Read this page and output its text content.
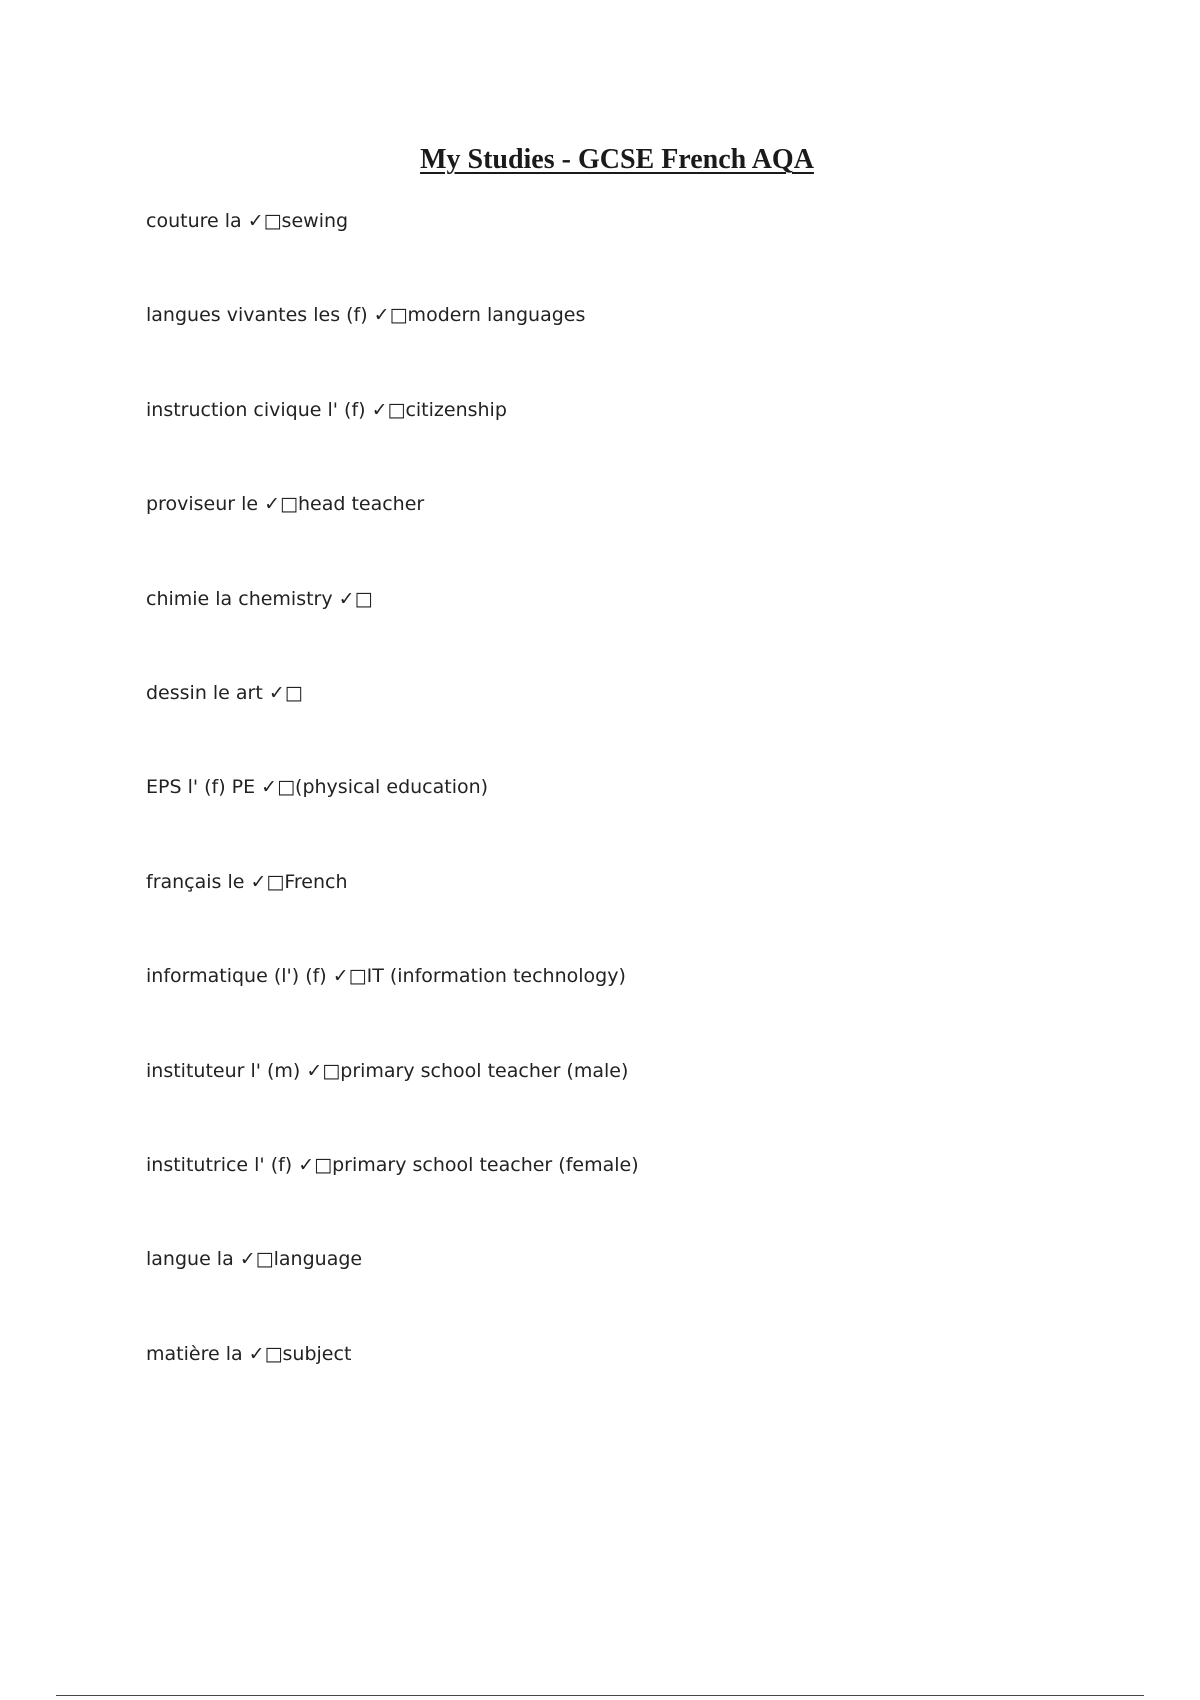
My Studies - GCSE French AQA
couture la ✓□sewing
langues vivantes les (f) ✓□modern languages
instruction civique l' (f) ✓□citizenship
proviseur le ✓□head teacher
chimie la chemistry ✓□
dessin le art ✓□
EPS l' (f) PE ✓□(physical education)
français le ✓□French
informatique (l') (f) ✓□IT (information technology)
instituteur l' (m) ✓□primary school teacher (male)
institutrice l' (f) ✓□primary school teacher (female)
langue la ✓□language
matière la ✓□subject
